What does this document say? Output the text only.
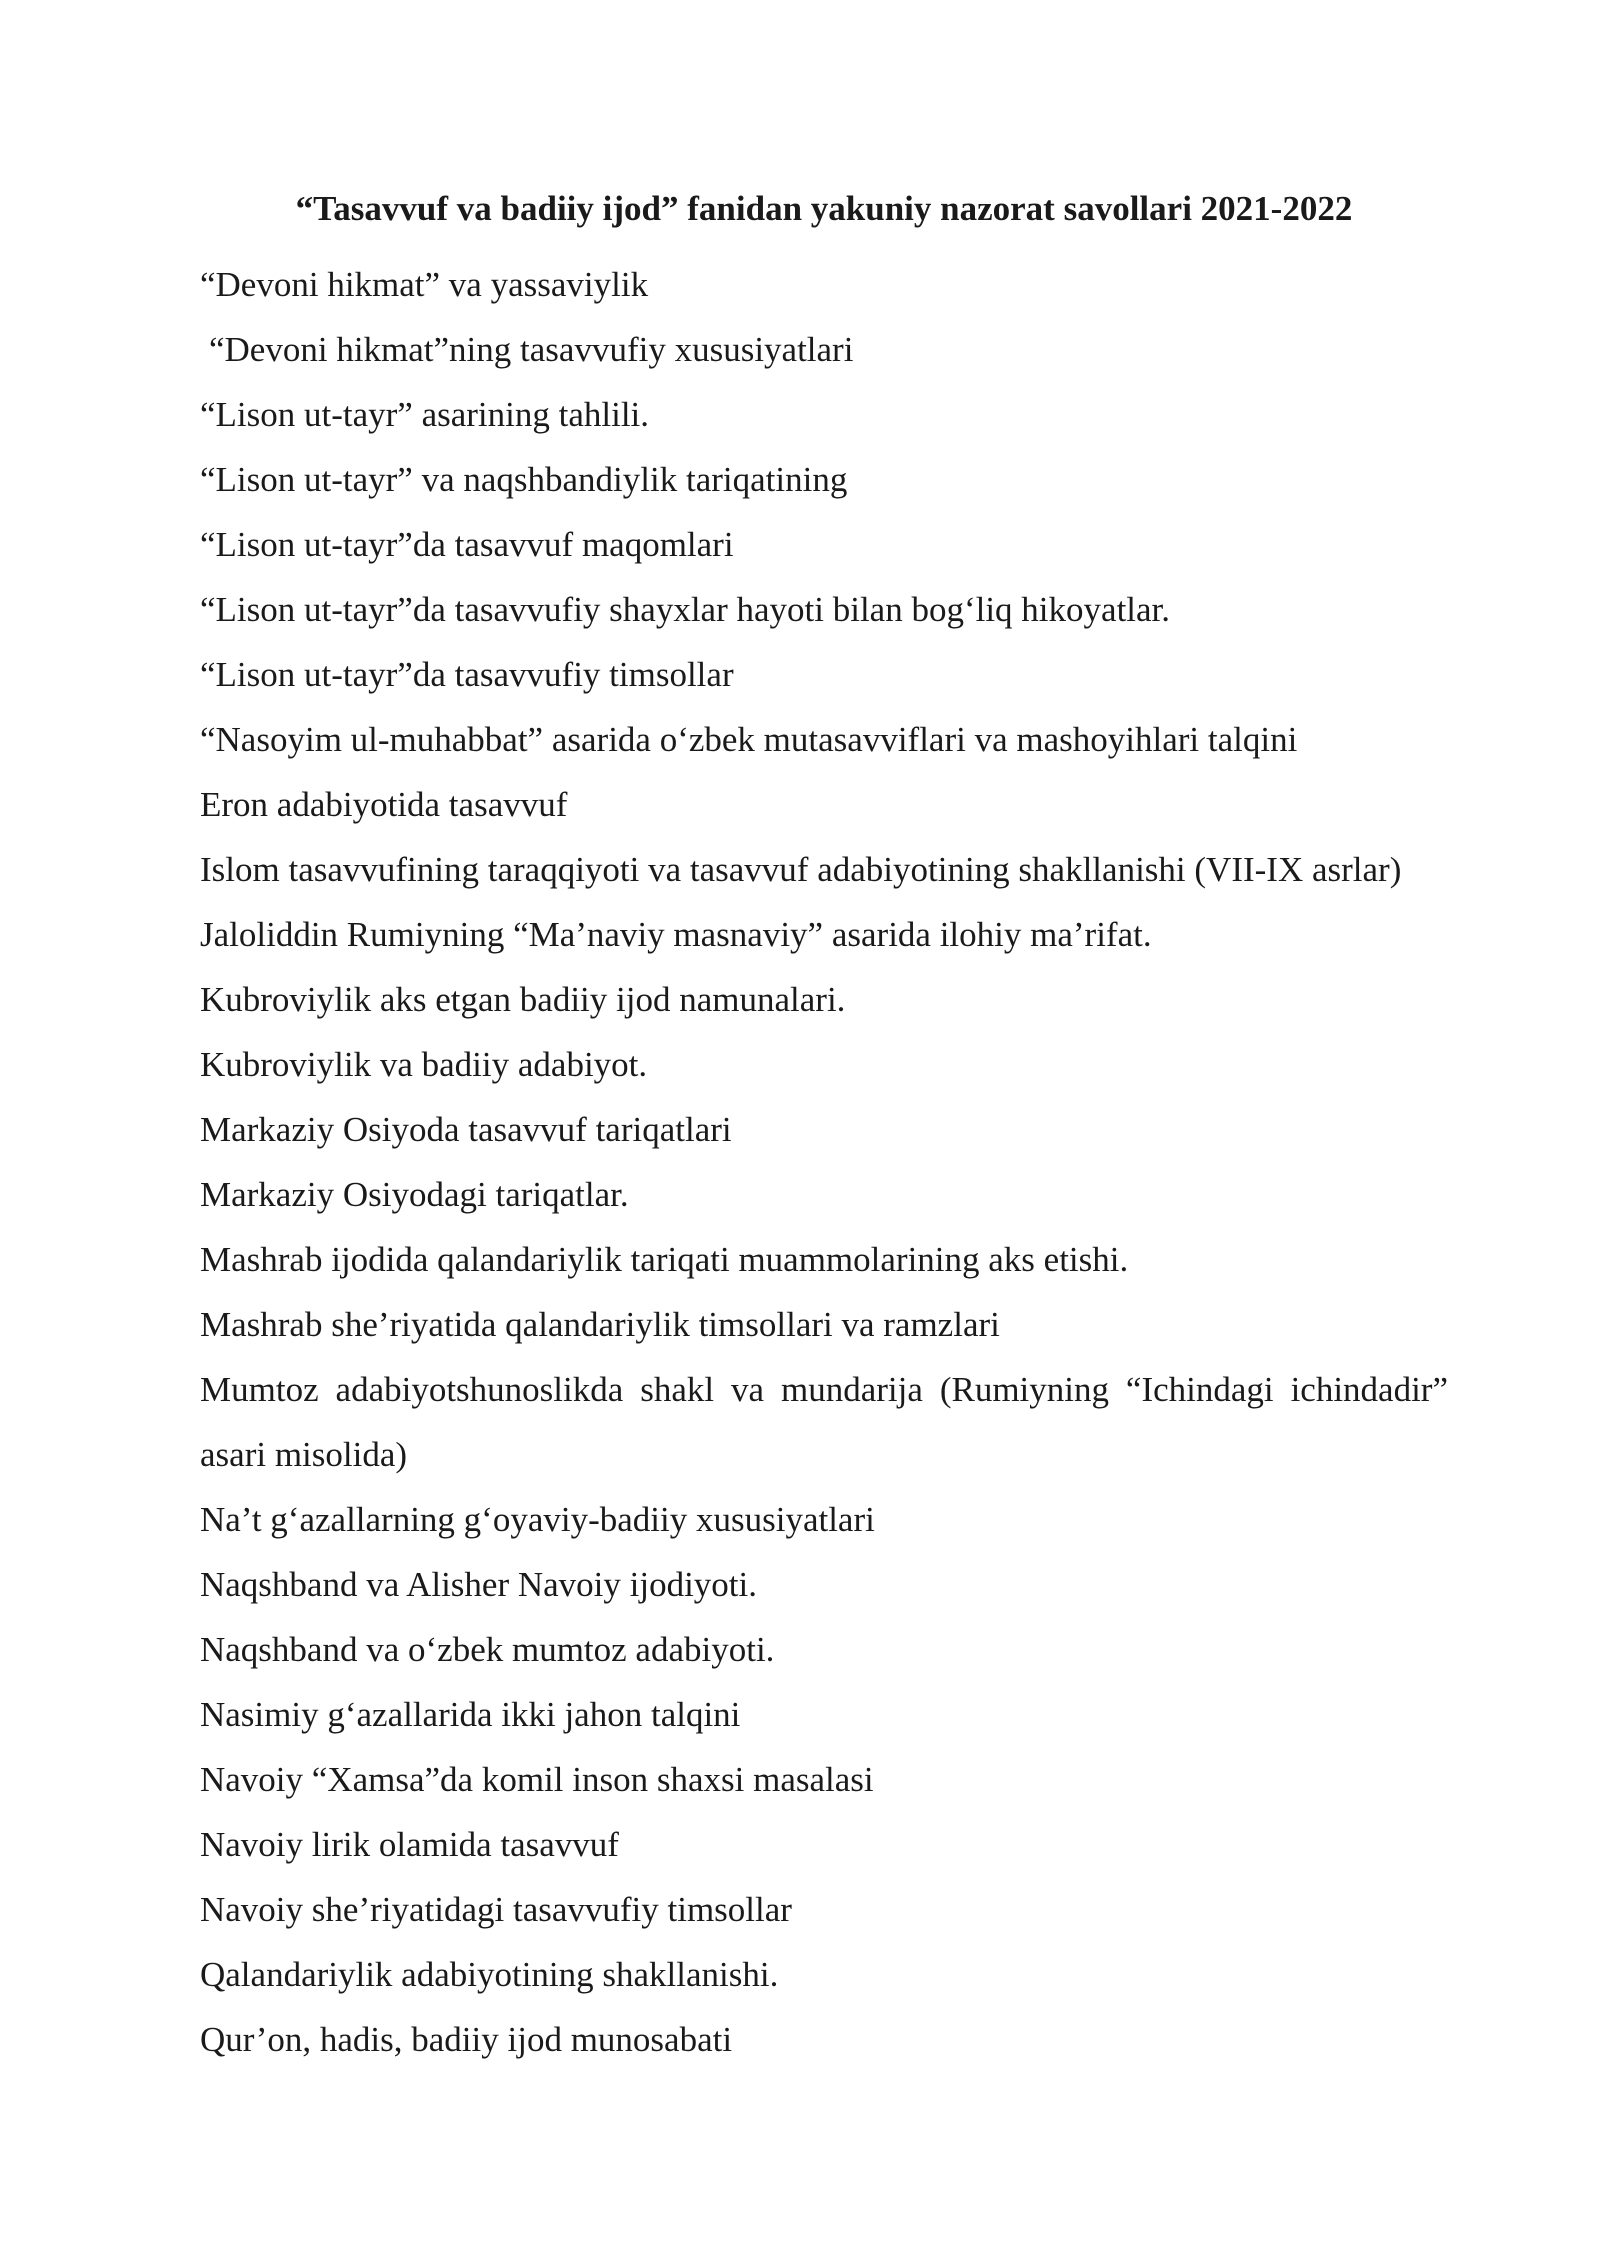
“Tasavvuf va badiiy ijod” fanidan yakuniy nazorat savollari 2021-2022
“Devoni hikmat” va yassaviylik
“Devoni hikmat”ning tasavvufiy xususiyatlari
“Lison ut-tayr” asarining tahlili.
“Lison ut-tayr” va naqshbandiylik tariqatining
“Lison ut-tayr”da tasavvuf maqomlari
“Lison ut-tayr”da tasavvufiy shayxlar hayoti bilan bog‘liq hikoyatlar.
“Lison ut-tayr”da tasavvufiy timsollar
“Nasoyim ul-muhabbat” asarida o‘zbek mutasavviflari va mashoyihlari talqini
Eron adabiyotida tasavvuf
Islom tasavvufining taraqqiyoti va tasavvuf adabiyotining shakllanishi (VII-IX asrlar)
Jaloliddin Rumiyning “Ma’naviy masnaviy” asarida ilohiy ma’rifat.
Kubroviylik aks etgan badiiy ijod namunalari.
Kubroviylik va badiiy adabiyot.
Markaziy Osiyoda tasavvuf tariqatlari
Markaziy Osiyodagi tariqatlar.
Mashrab ijodida qalandariylik tariqati muammolarining aks etishi.
Mashrab she’riyatida qalandariylik timsollari va ramzlari
Mumtoz adabiyotshunoslikda shakl va mundarija (Rumiyning “Ichindagi ichindadir” asari misolida)
Na’t g‘azallarning g‘oyaviy-badiiy xususiyatlari
Naqshband va Alisher Navoiy ijodiyoti.
Naqshband va o‘zbek mumtoz adabiyoti.
Nasimiy g‘azallarida ikki jahon talqini
Navoiy “Xamsa”da komil inson shaxsi masalasi
Navoiy lirik olamida tasavvuf
Navoiy she’riyatidagi tasavvufiy timsollar
Qalandariylik adabiyotining shakllanishi.
Qur’on, hadis, badiiy ijod munosabati
